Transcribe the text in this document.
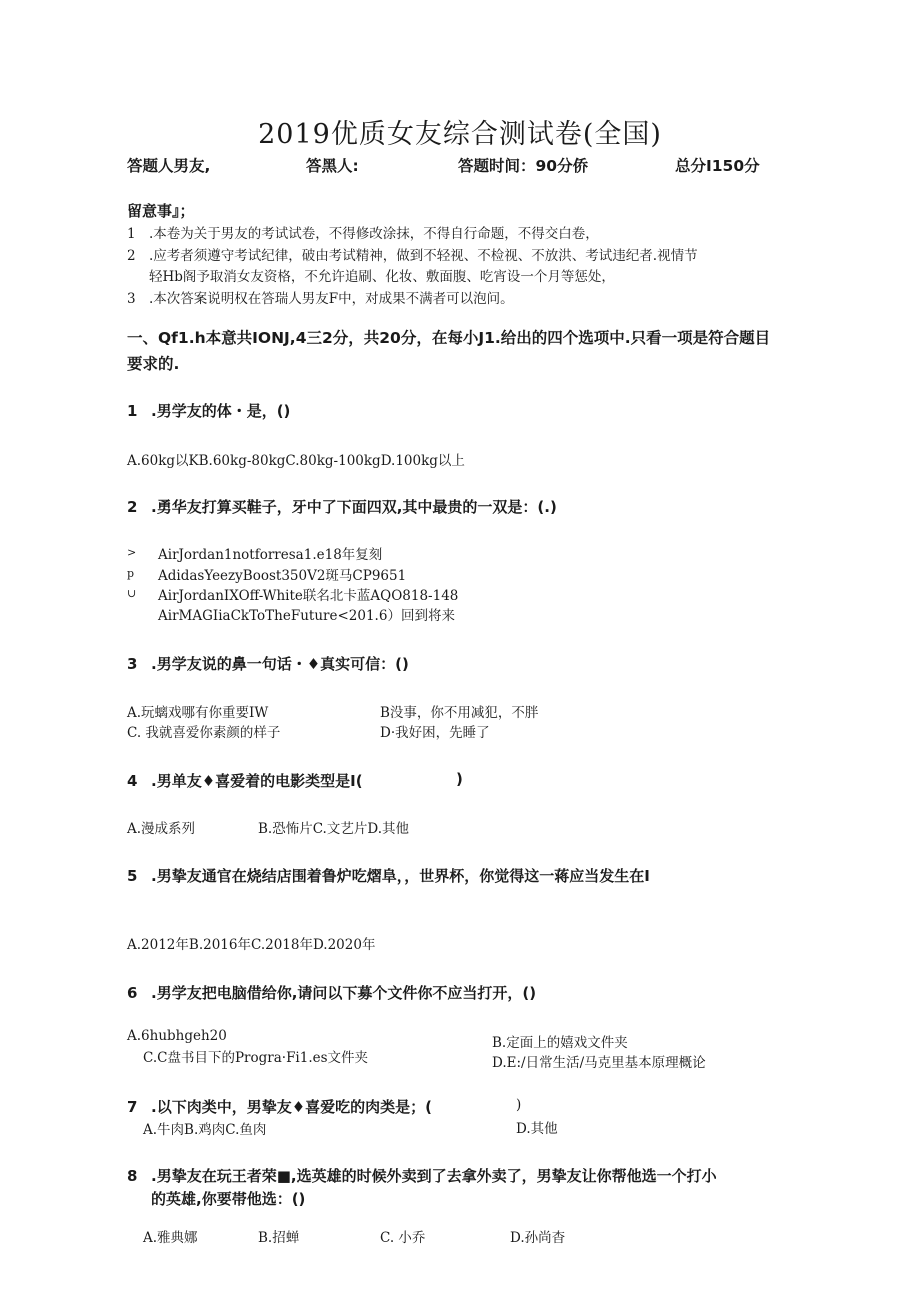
2019优质女友综合测试卷(全国)
答题人男友,	答黑人:	答题时间：90分侨	总分I150分
留意事』；
1 .本卷为关于男友的考试试卷，不得修改涂抹，不得自行命题，不得交白卷，
2 .应考者须遵守考试纪律，破由考试精神，做到不轻视、不检视、不放洪、考试违纪者.视情节
轻Hb阁予取消女友资格，不允许追刷、化妆、敷面腹、吃宵设一个月等惩处，
3 .本次答案说明权在答瑞人男友F中，对成果不满者可以泡问。
一、Qf1.h本意共IONJ,4三2分，共20分，在每小J1.给出的四个选项中.只看一项是符合题目
要求的.
1 .男学友的体・是，()
A.60kg以KB.60kg-80kgC.80kg-100kgD.100kg以上
2 .勇华友打算买鞋子，牙中了下面四双,其中最贵的一双是：(.)
>
p
∪
AirJordan1notforresa1.e18年复刻
AdidasYeezyBoost350V2斑马CP9651
AirJordanIXOff-White联名北卡蓝AQO818-148
AirMAGIiaCkToTheFuture<201.6）回到将来
3 .男学友说的鼻一句话・♦真实可信：()
A.玩螭戏哪有你重要IW	B没事，你不用减犯，不胖
C. 我就喜爱你素颜的样子	D·我好困，先睡了
4 .男单友♦喜爱着的电影类型是I(	)
A.漫成系列	B.恐怖片C.文艺片D.其他
5 .男挚友通官在烧结店围着鲁炉吃熠阜，，世界杯，你觉得这一蒋应当发生在I
A.2012年B.2016年C.2018年D.2020年
6 .男学友把电脑借给你,请问以下募个文件你不应当打开，()
A.6hubhgeh20	B.定面上的嬉戏文件夹
C.C盘书目下的Progra·Fi1.es文件夹	D.E:/日常生活/马克里基本原理概论
7 .以下肉类中，男挚友♦喜爱吃的肉类是；(	)
A.牛肉B.鸡肉C.鱼肉	D.其他
8 .男挚友在玩王者荣■,选英雄的时候外卖到了去拿外卖了，男挚友让你帮他选一个打小
的英雄,你要帯他选：()
A.雅典娜	B.招蝉	C. 小乔	D.孙尚杳
